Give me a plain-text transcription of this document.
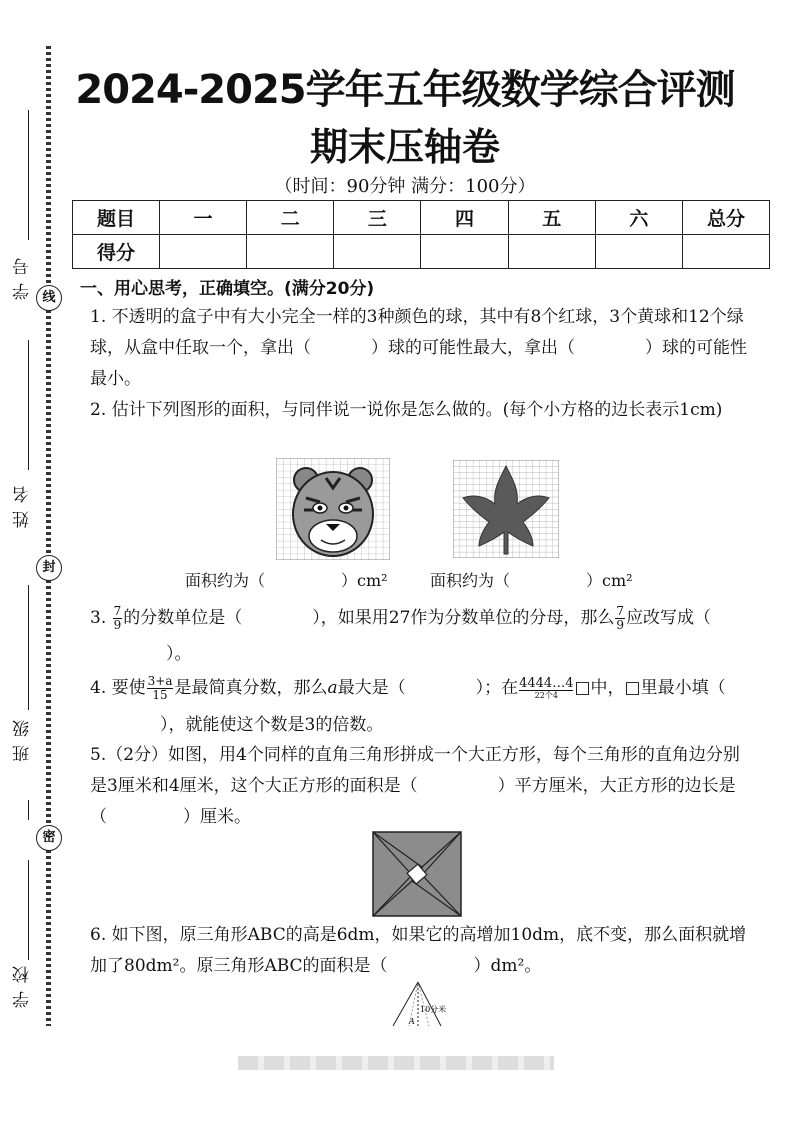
学号 线
姓名
封
班级
密
学校
2024-2025学年五年级数学综合评测
期末压轴卷
（时间：90分钟 满分：100分）
题目	一	二	三	四	五	六	总分
得分							
一、用心思考，正确填空。(满分20分)
1. 不透明的盒子中有大小完全一样的3种颜色的球，其中有8个红球，3个黄球和12个绿球，从盒中任取一个，拿出（	）球的可能性最大，拿出（	）球的可能性最小。
2. 估计下列图形的面积，与同伴说一说你是怎么做的。(每个小方格的边长表示1cm)
面积约为（	）cm²	面积约为（	）cm²
3. $\frac{7}{9}$ 的分数单位是（	），如果用27作为分数单位的分母，那么 $\frac{7}{9}$ 应改写成（）。
4. 要使 $\frac{3+a}{15}$ 是最简真分数，那么a最大是（	）；在 4444…4
22个4 □中，□里最小填（），就能使这个数是3的倍数。
5.（2分）如图，用4个同样的直角三角形拼成一个大正方形，每个三角形的直角边分别是3厘米和4厘米，这个大正方形的面积是（	）平方厘米，大正方形的边长是（	）厘米。
6. 如下图，原三角形ABC的高是6dm，如果它的高增加10dm，底不变，那么面积就增加了80dm²。原三角形ABC的面积是（	）dm²。
A
10分米
